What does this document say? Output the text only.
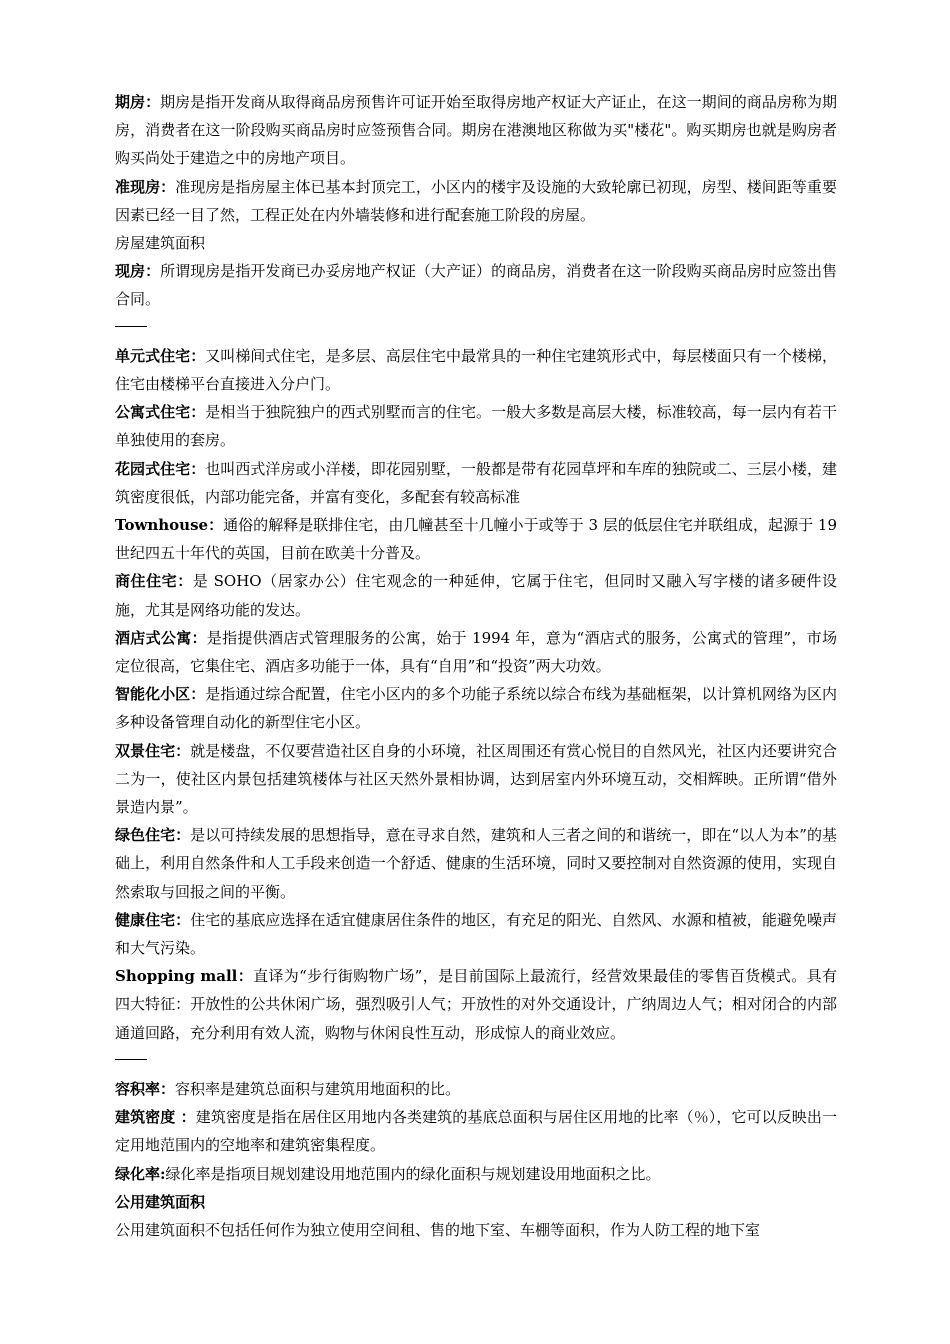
期房：期房是指开发商从取得商品房预售许可证开始至取得房地产权证大产证止，在这一期间的商品房称为期房，消费者在这一阶段购买商品房时应签预售合同。期房在港澳地区称做为买"楼花"。购买期房也就是购房者购买尚处于建造之中的房地产项目。

准现房：准现房是指房屋主体已基本封顶完工，小区内的楼宇及设施的大致轮廓已初现，房型、楼间距等重要因素已经一目了然，工程正处在内外墙装修和进行配套施工阶段的房屋。

房屋建筑面积

现房：所谓现房是指开发商已办妥房地产权证（大产证）的商品房，消费者在这一阶段购买商品房时应签出售合同。

单元式住宅：又叫梯间式住宅，是多层、高层住宅中最常具的一种住宅建筑形式中，每层楼面只有一个楼梯，住宅由楼梯平台直接进入分户门。

公寓式住宅：是相当于独院独户的西式别墅而言的住宅。一般大多数是高层大楼，标准较高，每一层内有若干单独使用的套房。

花园式住宅：也叫西式洋房或小洋楼，即花园别墅，一般都是带有花园草坪和车库的独院或二、三层小楼，建筑密度很低，内部功能完备，并富有变化，多配套有较高标准

Townhouse：通俗的解释是联排住宅，由几幢甚至十几幢小于或等于 3 层的低层住宅并联组成，起源于 19 世纪四五十年代的英国，目前在欧美十分普及。

商住住宅：是 SOHO（居家办公）住宅观念的一种延伸，它属于住宅，但同时又融入写字楼的诸多硬件设施，尤其是网络功能的发达。

酒店式公寓：是指提供酒店式管理服务的公寓，始于 1994 年，意为“酒店式的服务，公寓式的管理”，市场定位很高，它集住宅、酒店多功能于一体，具有“自用”和“投资”两大功效。

智能化小区：是指通过综合配置，住宅小区内的多个功能子系统以综合布线为基础框架，以计算机网络为区内多种设备管理自动化的新型住宅小区。

双景住宅：就是楼盘，不仅要营造社区自身的小环境，社区周围还有赏心悦目的自然风光，社区内还要讲究合二为一，使社区内景包括建筑楼体与社区天然外景相协调，达到居室内外环境互动，交相辉映。正所谓“借外景造内景”。

绿色住宅：是以可持续发展的思想指导，意在寻求自然，建筑和人三者之间的和谐统一，即在“以人为本”的基础上，利用自然条件和人工手段来创造一个舒适、健康的生活环境，同时又要控制对自然资源的使用，实现自然索取与回报之间的平衡。

健康住宅：住宅的基底应选择在适宜健康居住条件的地区，有充足的阳光、自然风、水源和植被，能避免噪声和大气污染。

Shopping mall：直译为“步行街购物广场”，是目前国际上最流行，经营效果最佳的零售百货模式。具有四大特征：开放性的公共休闲广场，强烈吸引人气；开放性的对外交通设计，广纳周边人气；相对闭合的内部通道回路，充分利用有效人流，购物与休闲良性互动，形成惊人的商业效应。

容积率：容积率是建筑总面积与建筑用地面积的比。

建筑密度 ：建筑密度是指在居住区用地内各类建筑的基底总面积与居住区用地的比率（％），它可以反映出一定用地范围内的空地率和建筑密集程度。

绿化率:绿化率是指项目规划建设用地范围内的绿化面积与规划建设用地面积之比。

公用建筑面积

公用建筑面积不包括任何作为独立使用空间租、售的地下室、车棚等面积，作为人防工程的地下室
